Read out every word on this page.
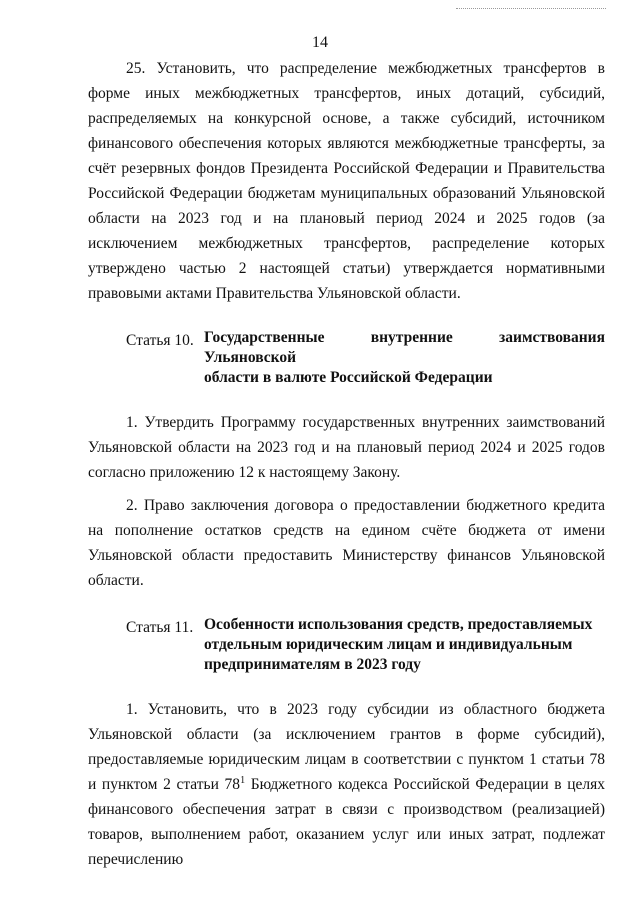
14

25. Установить, что распределение межбюджетных трансфертов в форме иных межбюджетных трансфертов, иных дотаций, субсидий, распределяемых на конкурсной основе, а также субсидий, источником финансового обеспечения которых являются межбюджетные трансферты, за счёт резервных фондов Президента Российской Федерации и Правительства Российской Федерации бюджетам муниципальных образований Ульяновской области на 2023 год и на плановый период 2024 и 2025 годов (за исключением межбюджетных трансфертов, распределение которых утверждено частью 2 настоящей статьи) утверждается нормативными правовыми актами Правительства Ульяновской области.

Статья 10. Государственные внутренние заимствования Ульяновской
области в валюте Российской Федерации

1. Утвердить Программу государственных внутренних заимствований Ульяновской области на 2023 год и на плановый период 2024 и 2025 годов согласно приложению 12 к настоящему Закону.

2. Право заключения договора о предоставлении бюджетного кредита на пополнение остатков средств на едином счёте бюджета от имени Ульяновской области предоставить Министерству финансов Ульяновской области.

Статья 11. Особенности использования средств, предоставляемых
отдельным юридическим лицам и индивидуальным
предпринимателям в 2023 году

1. Установить, что в 2023 году субсидии из областного бюджета Ульяновской области (за исключением грантов в форме субсидий), предоставляемые юридическим лицам в соответствии с пунктом 1 статьи 78 и пунктом 2 статьи $78^1$ Бюджетного кодекса Российской Федерации в целях финансового обеспечения затрат в связи с производством (реализацией) товаров, выполнением работ, оказанием услуг или иных затрат, подлежат перечислению
